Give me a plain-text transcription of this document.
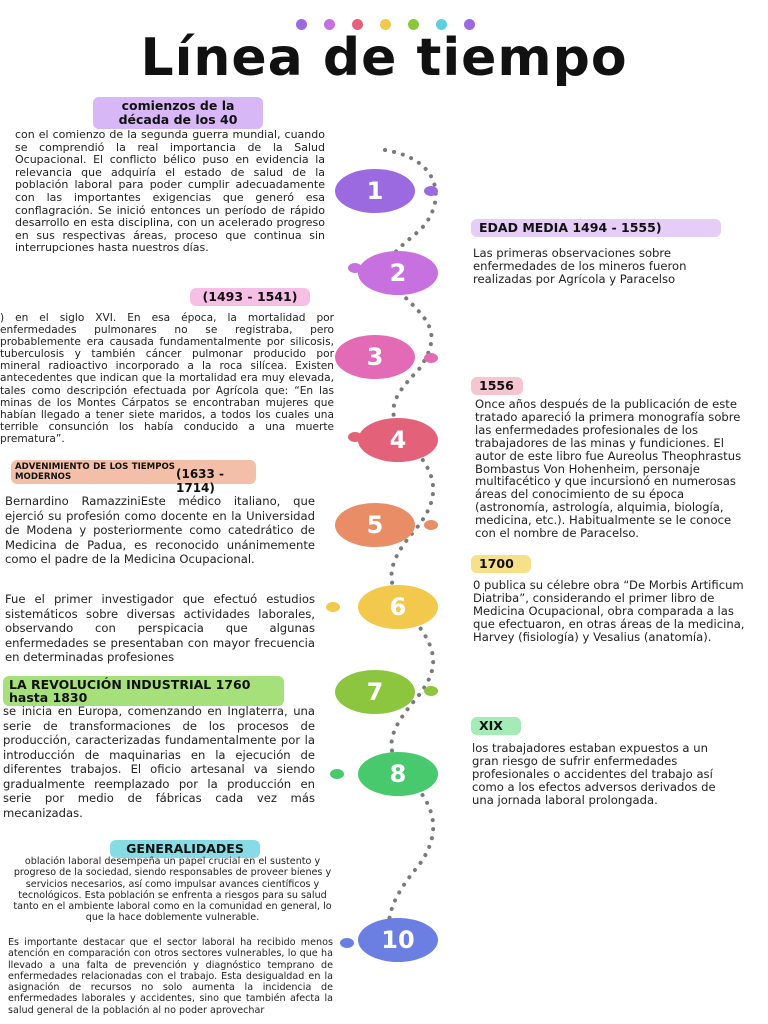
Línea de tiempo
1
2
3
4
5
6
7
8
10
comienzos de la década de los 40

con el comienzo de la segunda guerra mundial, cuando se comprendió la real importancia de la Salud Ocupacional. El conflicto bélico puso en evidencia la relevancia que adquiría el estado de salud de la población laboral para poder cumplir adecuadamente con las importantes exigencias que generó esa conflagración. Se inició entonces un período de rápido desarrollo en esta disciplina, con un acelerado progreso en sus respectivas áreas, proceso que continua sin interrupciones hasta nuestros días.

(1493 - 1541)

) en el siglo XVI. En esa época, la mortalidad por enfermedades pulmonares no se registraba, pero probablemente era causada fundamentalmente por silicosis, tuberculosis y también cáncer pulmonar producido por mineral radioactivo incorporado a la roca silícea. Existen antecedentes que indican que la mortalidad era muy elevada, tales como descripción efectuada por Agrícola que: “En las minas de los Montes Cárpatos se encontraban mujeres que habían llegado a tener siete maridos, a todos los cuales una terrible consunción los había conducido a una muerte prematura”.

ADVENIMIENTO DE LOS TIEMPOS MODERNOS	(1633 - 1714)

Bernardino RamazziniEste médico italiano, que ejerció su profesión como docente en la Universidad de Modena y posteriormente como catedrático de Medicina de Padua, es reconocido unánimemente como el padre de la Medicina Ocupacional.

Fue el primer investigador que efectuó estudios sistemáticos sobre diversas actividades laborales, observando con perspicacia que algunas enfermedades se presentaban con mayor frecuencia en determinadas profesiones

LA REVOLUCIÓN INDUSTRIAL 1760 hasta 1830

se inicia en Europa, comenzando en Inglaterra, una serie de transformaciones de los procesos de producción, caracterizadas fundamentalmente por la introducción de maquinarias en la ejecución de diferentes trabajos. El oficio artesanal va siendo gradualmente reemplazado por la producción en serie por medio de fábricas cada vez más mecanizadas.

GENERALIDADES

oblación laboral desempeña un papel crucial en el sustento y progreso de la sociedad, siendo responsables de proveer bienes y servicios necesarios, así como impulsar avances científicos y tecnológicos. Esta población se enfrenta a riesgos para su salud tanto en el ambiente laboral como en la comunidad en general, lo que la hace doblemente vulnerable.

Es importante destacar que el sector laboral ha recibido menos atención en comparación con otros sectores vulnerables, lo que ha llevado a una falta de prevención y diagnóstico temprano de enfermedades relacionadas con el trabajo. Esta desigualdad en la asignación de recursos no solo aumenta la incidencia de enfermedades laborales y accidentes, sino que también afecta la salud general de la población al no poder aprovechar

EDAD MEDIA 1494 - 1555)

Las primeras observaciones sobre enfermedades de los mineros fueron realizadas por Agrícola y Paracelso

1556

Once años después de la publicación de este tratado apareció la primera monografía sobre las enfermedades profesionales de los trabajadores de las minas y fundiciones. El autor de este libro fue Aureolus Theophrastus Bombastus Von Hohenheim, personaje multifacético y que incursionó en numerosas áreas del conocimiento de su época (astronomía, astrología, alquimia, biología, medicina, etc.). Habitualmente se le conoce con el nombre de Paracelso.

1700

0 publica su célebre obra “De Morbis Artificum Diatriba”, considerando el primer libro de Medicina Ocupacional, obra comparada a las que efectuaron, en otras áreas de la medicina, Harvey (fisiología) y Vesalius (anatomía).

XIX

los trabajadores estaban expuestos a un gran riesgo de sufrir enfermedades profesionales o accidentes del trabajo así como a los efectos adversos derivados de una jornada laboral prolongada.
